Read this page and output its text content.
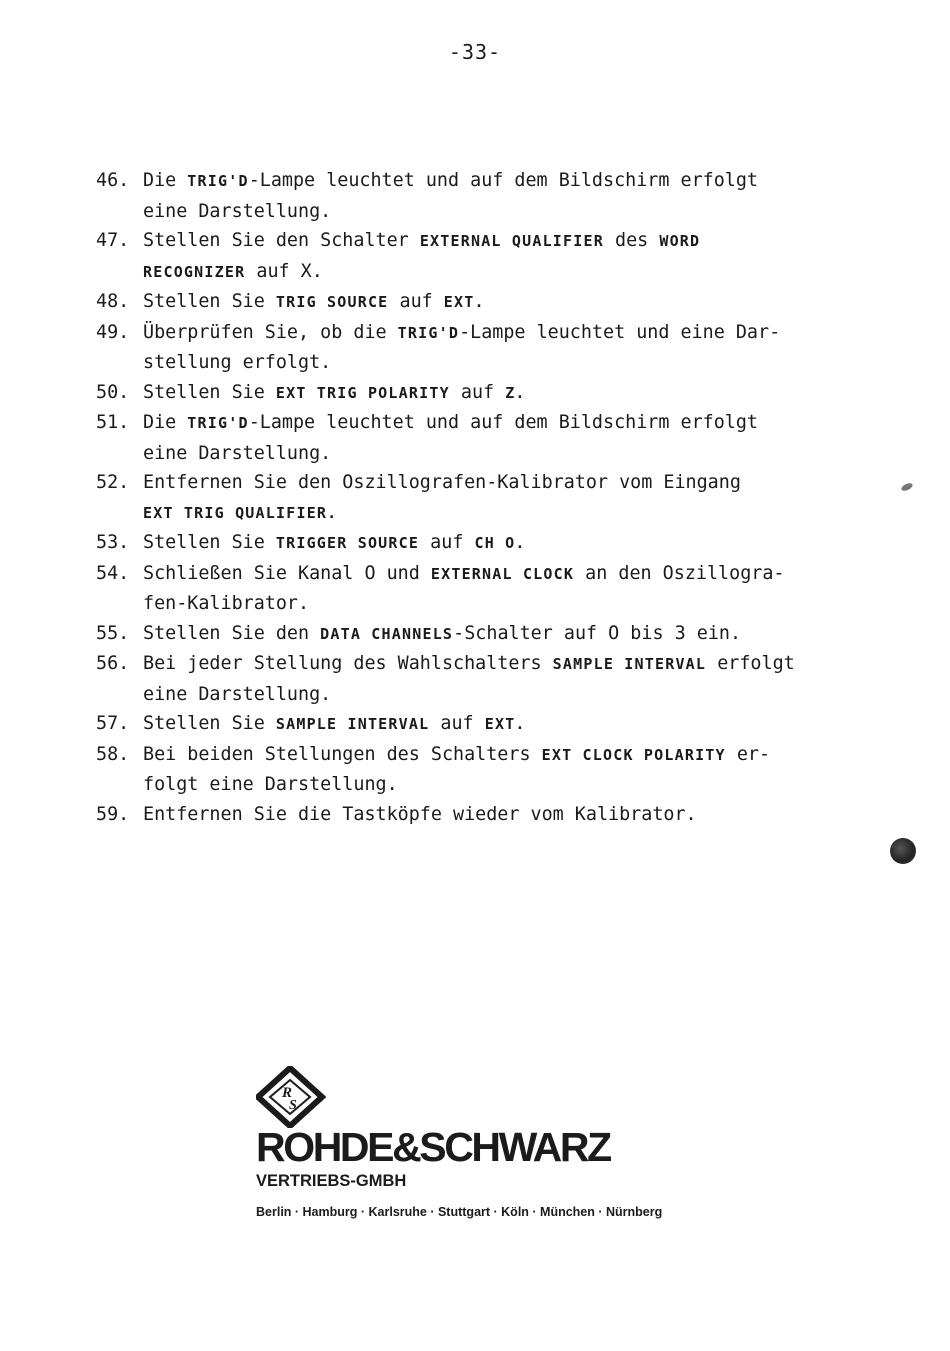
-33-
46. Die TRIG'D-Lampe leuchtet und auf dem Bildschirm erfolgt
eine Darstellung.
47. Stellen Sie den Schalter EXTERNAL QUALIFIER des WORD
RECOGNIZER auf X.
48. Stellen Sie TRIG SOURCE auf EXT.
49. Überprüfen Sie, ob die TRIG'D-Lampe leuchtet und eine Dar-
stellung erfolgt.
50. Stellen Sie EXT TRIG POLARITY auf Z.
51. Die TRIG'D-Lampe leuchtet und auf dem Bildschirm erfolgt
eine Darstellung.
52. Entfernen Sie den Oszillografen-Kalibrator vom Eingang
EXT TRIG QUALIFIER.
53. Stellen Sie TRIGGER SOURCE auf CH O.
54. Schließen Sie Kanal O und EXTERNAL CLOCK an den Oszillogra-
fen-Kalibrator.
55. Stellen Sie den DATA CHANNELS-Schalter auf O bis 3 ein.
56. Bei jeder Stellung des Wahlschalters SAMPLE INTERVAL erfolgt
eine Darstellung.
57. Stellen Sie SAMPLE INTERVAL auf EXT.
58. Bei beiden Stellungen des Schalters EXT CLOCK POLARITY er-
folgt eine Darstellung.
59. Entfernen Sie die Tastköpfe wieder vom Kalibrator.
R
S
ROHDE&SCHWARZ
VERTRIEBS-GMBH
Berlin · Hamburg · Karlsruhe · Stuttgart · Köln · München · Nürnberg
